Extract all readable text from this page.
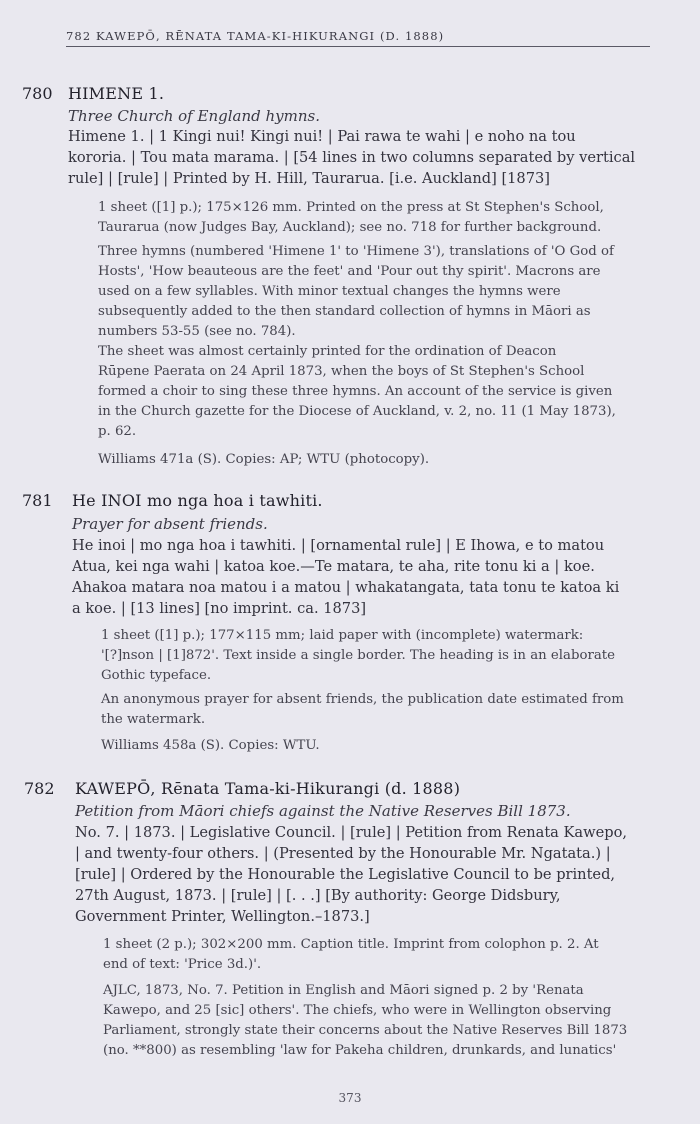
782 KAWEPŌ, RĒNATA TAMA-KI-HIKURANGI (D. 1888)
780 HIMENE 1.
Three Church of England hymns.
Himene 1. | 1 Kingi nui! Kingi nui! | Pai rawa te wahi | e noho na tou
kororia. | Tou mata marama. | [54 lines in two columns separated by vertical
rule] | [rule] | Printed by H. Hill, Taurarua. [i.e. Auckland] [1873]
1 sheet ([1] p.); 175×126 mm. Printed on the press at St Stephen's School,
Taurarua (now Judges Bay, Auckland); see no. 718 for further background.
Three hymns (numbered 'Himene 1' to 'Himene 3'), translations of 'O God of
Hosts', 'How beauteous are the feet' and 'Pour out thy spirit'. Macrons are
used on a few syllables. With minor textual changes the hymns were
subsequently added to the then standard collection of hymns in Māori as
numbers 53-55 (see no. 784).
The sheet was almost certainly printed for the ordination of Deacon
Rūpene Paerata on 24 April 1873, when the boys of St Stephen's School
formed a choir to sing these three hymns. An account of the service is given
in the Church gazette for the Diocese of Auckland, v. 2, no. 11 (1 May 1873),
p. 62.
Williams 471a (S). Copies: AP; WTU (photocopy).
781 He INOI mo nga hoa i tawhiti.
Prayer for absent friends.
He inoi | mo nga hoa i tawhiti. | [ornamental rule] | E Ihowa, e to matou
Atua, kei nga wahi | katoa koe.—Te matara, te aha, rite tonu ki a | koe.
Ahakoa matara noa matou i a matou | whakatangata, tata tonu te katoa ki
a koe. | [13 lines] [no imprint. ca. 1873]
1 sheet ([1] p.); 177×115 mm; laid paper with (incomplete) watermark:
'[?]nson | [1]872'. Text inside a single border. The heading is in an elaborate
Gothic typeface.
An anonymous prayer for absent friends, the publication date estimated from
the watermark.
Williams 458a (S). Copies: WTU.
782 KAWEPŌ, Rēnata Tama-ki-Hikurangi (d. 1888)
Petition from Māori chiefs against the Native Reserves Bill 1873.
No. 7. | 1873. | Legislative Council. | [rule] | Petition from Renata Kawepo,
| and twenty-four others. | (Presented by the Honourable Mr. Ngatata.) |
[rule] | Ordered by the Honourable the Legislative Council to be printed,
27th August, 1873. | [rule] | [. . .] [By authority: George Didsbury,
Government Printer, Wellington.–1873.]
1 sheet (2 p.); 302×200 mm. Caption title. Imprint from colophon p. 2. At
end of text: 'Price 3d.)'.
AJLC, 1873, No. 7. Petition in English and Māori signed p. 2 by 'Renata
Kawepo, and 25 [sic] others'. The chiefs, who were in Wellington observing
Parliament, strongly state their concerns about the Native Reserves Bill 1873
(no. **800) as resembling 'law for Pakeha children, drunkards, and lunatics'
373
